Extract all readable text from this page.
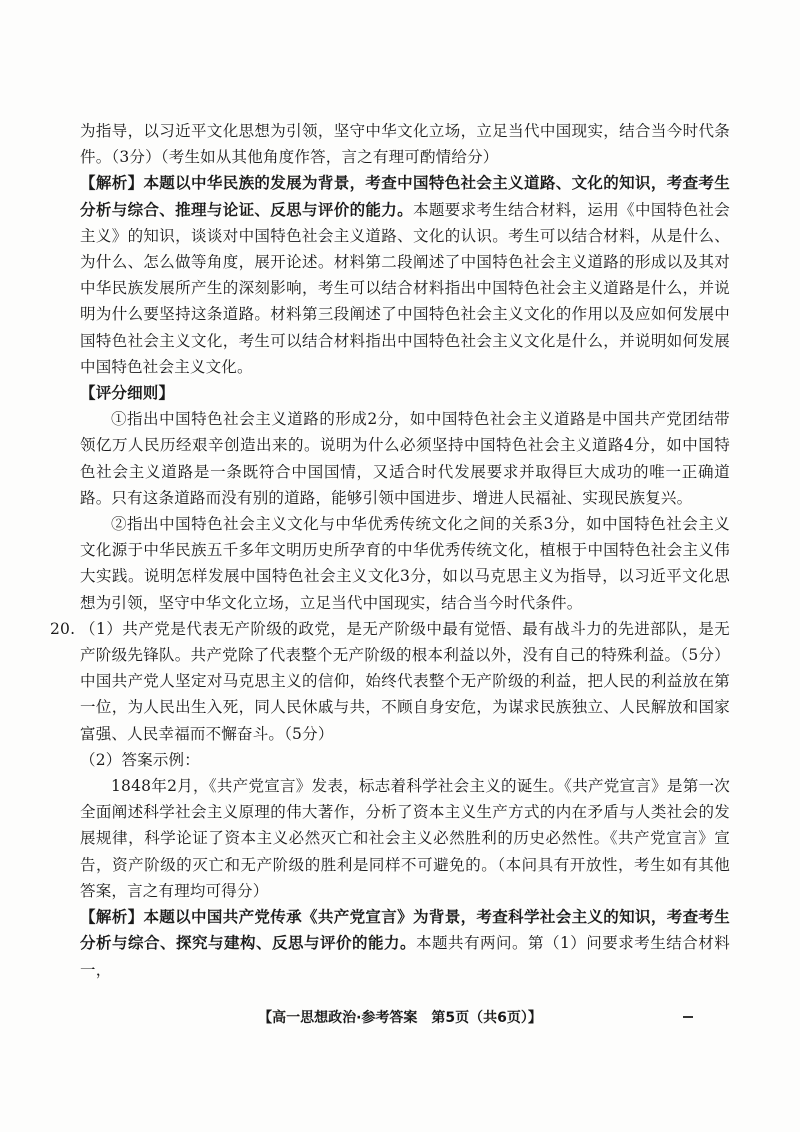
为指导，以习近平文化思想为引领，坚守中华文化立场，立足当代中国现实，结合当今时代条件。（3分）（考生如从其他角度作答，言之有理可酌情给分）

【解析】本题以中华民族的发展为背景，考查中国特色社会主义道路、文化的知识，考查考生分析与综合、推理与论证、反思与评价的能力。本题要求考生结合材料，运用《中国特色社会主义》的知识，谈谈对中国特色社会主义道路、文化的认识。考生可以结合材料，从是什么、为什么、怎么做等角度，展开论述。材料第二段阐述了中国特色社会主义道路的形成以及其对中华民族发展所产生的深刻影响，考生可以结合材料指出中国特色社会主义道路是什么，并说明为什么要坚持这条道路。材料第三段阐述了中国特色社会主义文化的作用以及应如何发展中国特色社会主义文化，考生可以结合材料指出中国特色社会主义文化是什么，并说明如何发展中国特色社会主义文化。

【评分细则】

①指出中国特色社会主义道路的形成2分，如中国特色社会主义道路是中国共产党团结带领亿万人民历经艰辛创造出来的。说明为什么必须坚持中国特色社会主义道路4分，如中国特色社会主义道路是一条既符合中国国情，又适合时代发展要求并取得巨大成功的唯一正确道路。只有这条道路而没有别的道路，能够引领中国进步、增进人民福祉、实现民族复兴。

②指出中国特色社会主义文化与中华优秀传统文化之间的关系3分，如中国特色社会主义文化源于中华民族五千多年文明历史所孕育的中华优秀传统文化，植根于中国特色社会主义伟大实践。说明怎样发展中国特色社会主义文化3分，如以马克思主义为指导，以习近平文化思想为引领，坚守中华文化立场，立足当代中国现实，结合当今时代条件。

20. （1）共产党是代表无产阶级的政党，是无产阶级中最有觉悟、最有战斗力的先进部队，是无产阶级先锋队。共产党除了代表整个无产阶级的根本利益以外，没有自己的特殊利益。（5分）中国共产党人坚定对马克思主义的信仰，始终代表整个无产阶级的利益，把人民的利益放在第一位，为人民出生入死，同人民休戚与共，不顾自身安危，为谋求民族独立、人民解放和国家富强、人民幸福而不懈奋斗。（5分）

（2）答案示例：

1848年2月，《共产党宣言》发表，标志着科学社会主义的诞生。《共产党宣言》是第一次全面阐述科学社会主义原理的伟大著作，分析了资本主义生产方式的内在矛盾与人类社会的发展规律，科学论证了资本主义必然灭亡和社会主义必然胜利的历史必然性。《共产党宣言》宣告，资产阶级的灭亡和无产阶级的胜利是同样不可避免的。（本问具有开放性，考生如有其他答案，言之有理均可得分）

【解析】本题以中国共产党传承《共产党宣言》为背景，考查科学社会主义的知识，考查考生分析与综合、探究与建构、反思与评价的能力。本题共有两问。第（1）问要求考生结合材料一，

【高一思想政治·参考答案　第5页（共6页）】
